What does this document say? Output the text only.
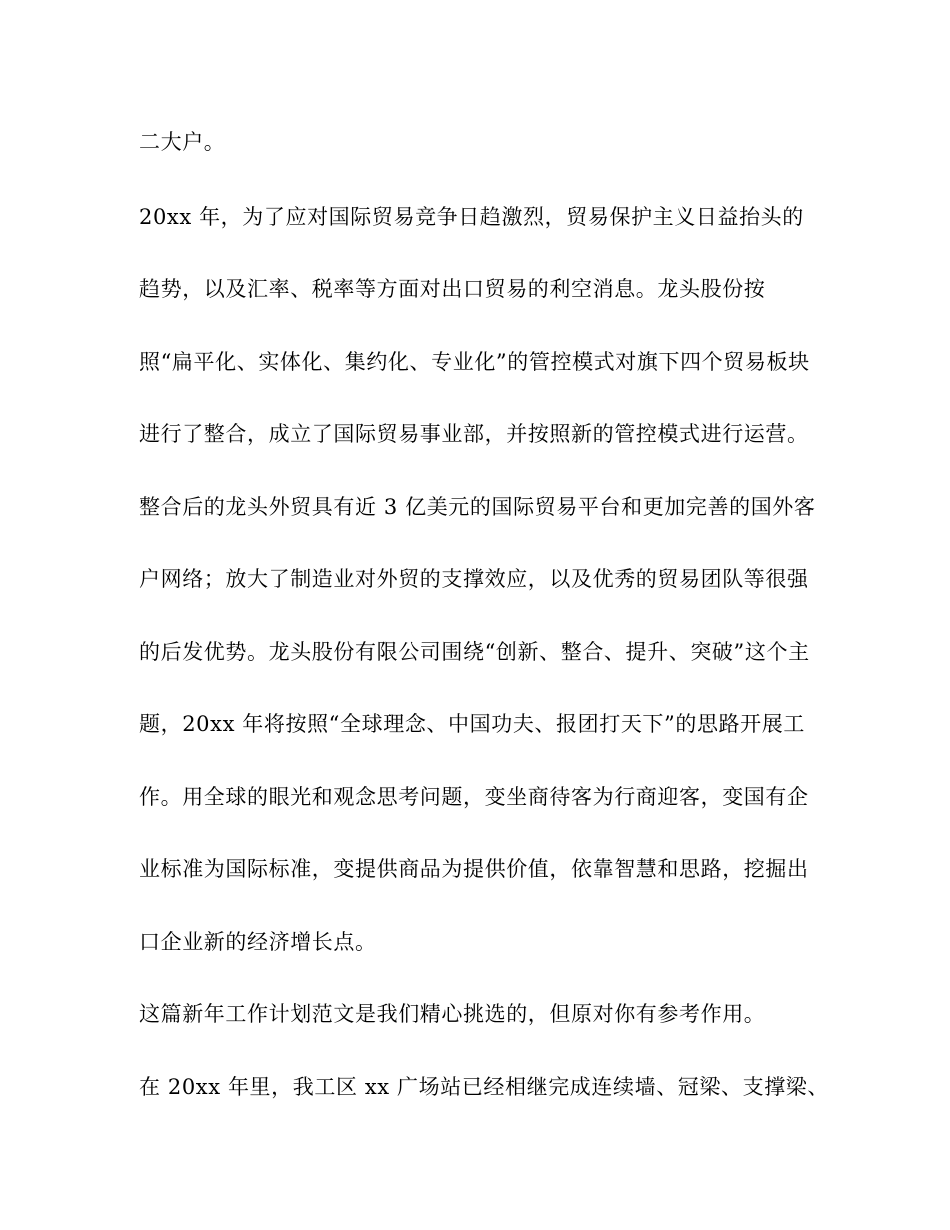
二大户。
20xx 年，为了应对国际贸易竞争日趋激烈，贸易保护主义日益抬头的
趋势，以及汇率、税率等方面对出口贸易的利空消息。龙头股份按
照“扁平化、实体化、集约化、专业化”的管控模式对旗下四个贸易板块
进行了整合，成立了国际贸易事业部，并按照新的管控模式进行运营。
整合后的龙头外贸具有近 3 亿美元的国际贸易平台和更加完善的国外客
户网络；放大了制造业对外贸的支撑效应，以及优秀的贸易团队等很强
的后发优势。龙头股份有限公司围绕“创新、整合、提升、突破”这个主
题，20xx 年将按照“全球理念、中国功夫、报团打天下”的思路开展工
作。用全球的眼光和观念思考问题，变坐商待客为行商迎客，变国有企
业标准为国际标准，变提供商品为提供价值，依靠智慧和思路，挖掘出
口企业新的经济增长点。
这篇新年工作计划范文是我们精心挑选的，但原对你有参考作用。
在 20xx 年里，我工区 xx 广场站已经相继完成连续墙、冠梁、支撑梁、
